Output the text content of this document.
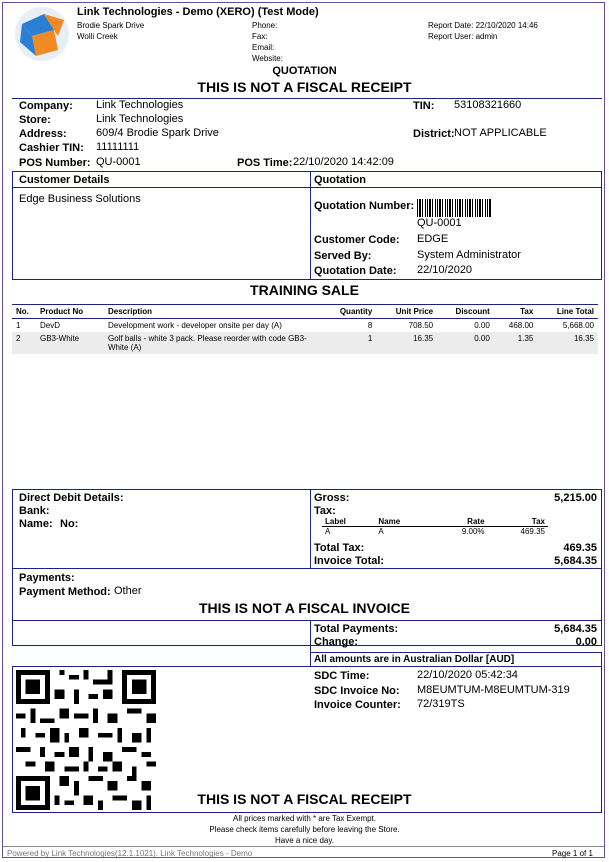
Link Technologies - Demo (XERO) (Test Mode)
Brodie Spark Drive
Wolli Creek
Phone:
Fax:
Email:
Website:
Report Date: 22/10/2020 14:46
Report User: admin
QUOTATION
THIS IS NOT A FISCAL RECEIPT
Company: Link Technologies
Store:	Link Technologies
Address:	609/4 Brodie Spark Drive
Cashier TIN: 11111111
POS Number: QU-0001	POS Time: 22/10/2020 14:42:09
TIN: 53108321660
District: NOT APPLICABLE
Customer Details
Edge Business Solutions
Quotation
Quotation Number:
QU-0001
Customer Code: EDGE
Served By:	System Administrator
Quotation Date: 22/10/2020
TRAINING SALE
No.	Product No	Description	Quantity	Unit Price	Discount	Tax	Line Total
1	DevD	Development work - developer onsite per day (A)	8	708.50	0.00	468.00	5,668.00
2	GB3-White	Golf balls - white 3 pack. Please reorder with code GB3-White (A)	1	16.35	0.00	1.35	16.35
Direct Debit Details:
Bank:
Name: No:
Gross:	5,215.00
Tax:
Label	Name	Rate	Tax
A	A	9.00%	469.35
Total Tax:	469.35
Invoice Total:	5,684.35
Payments:
Payment Method: Other
THIS IS NOT A FISCAL INVOICE
Total Payments:	5,684.35
Change:	0.00
All amounts are in Australian Dollar [AUD]
SDC Time:	22/10/2020 05:42:34
SDC Invoice No: M8EUMTUM-M8EUMTUM-319
Invoice Counter: 72/319TS
THIS IS NOT A FISCAL RECEIPT
All prices marked with * are Tax Exempt.
Please check items carefully before leaving the Store.
Have a nice day.
Powered by Link Technologies(12.1.1021). Link Technologies - Demo	Page 1 of 1
